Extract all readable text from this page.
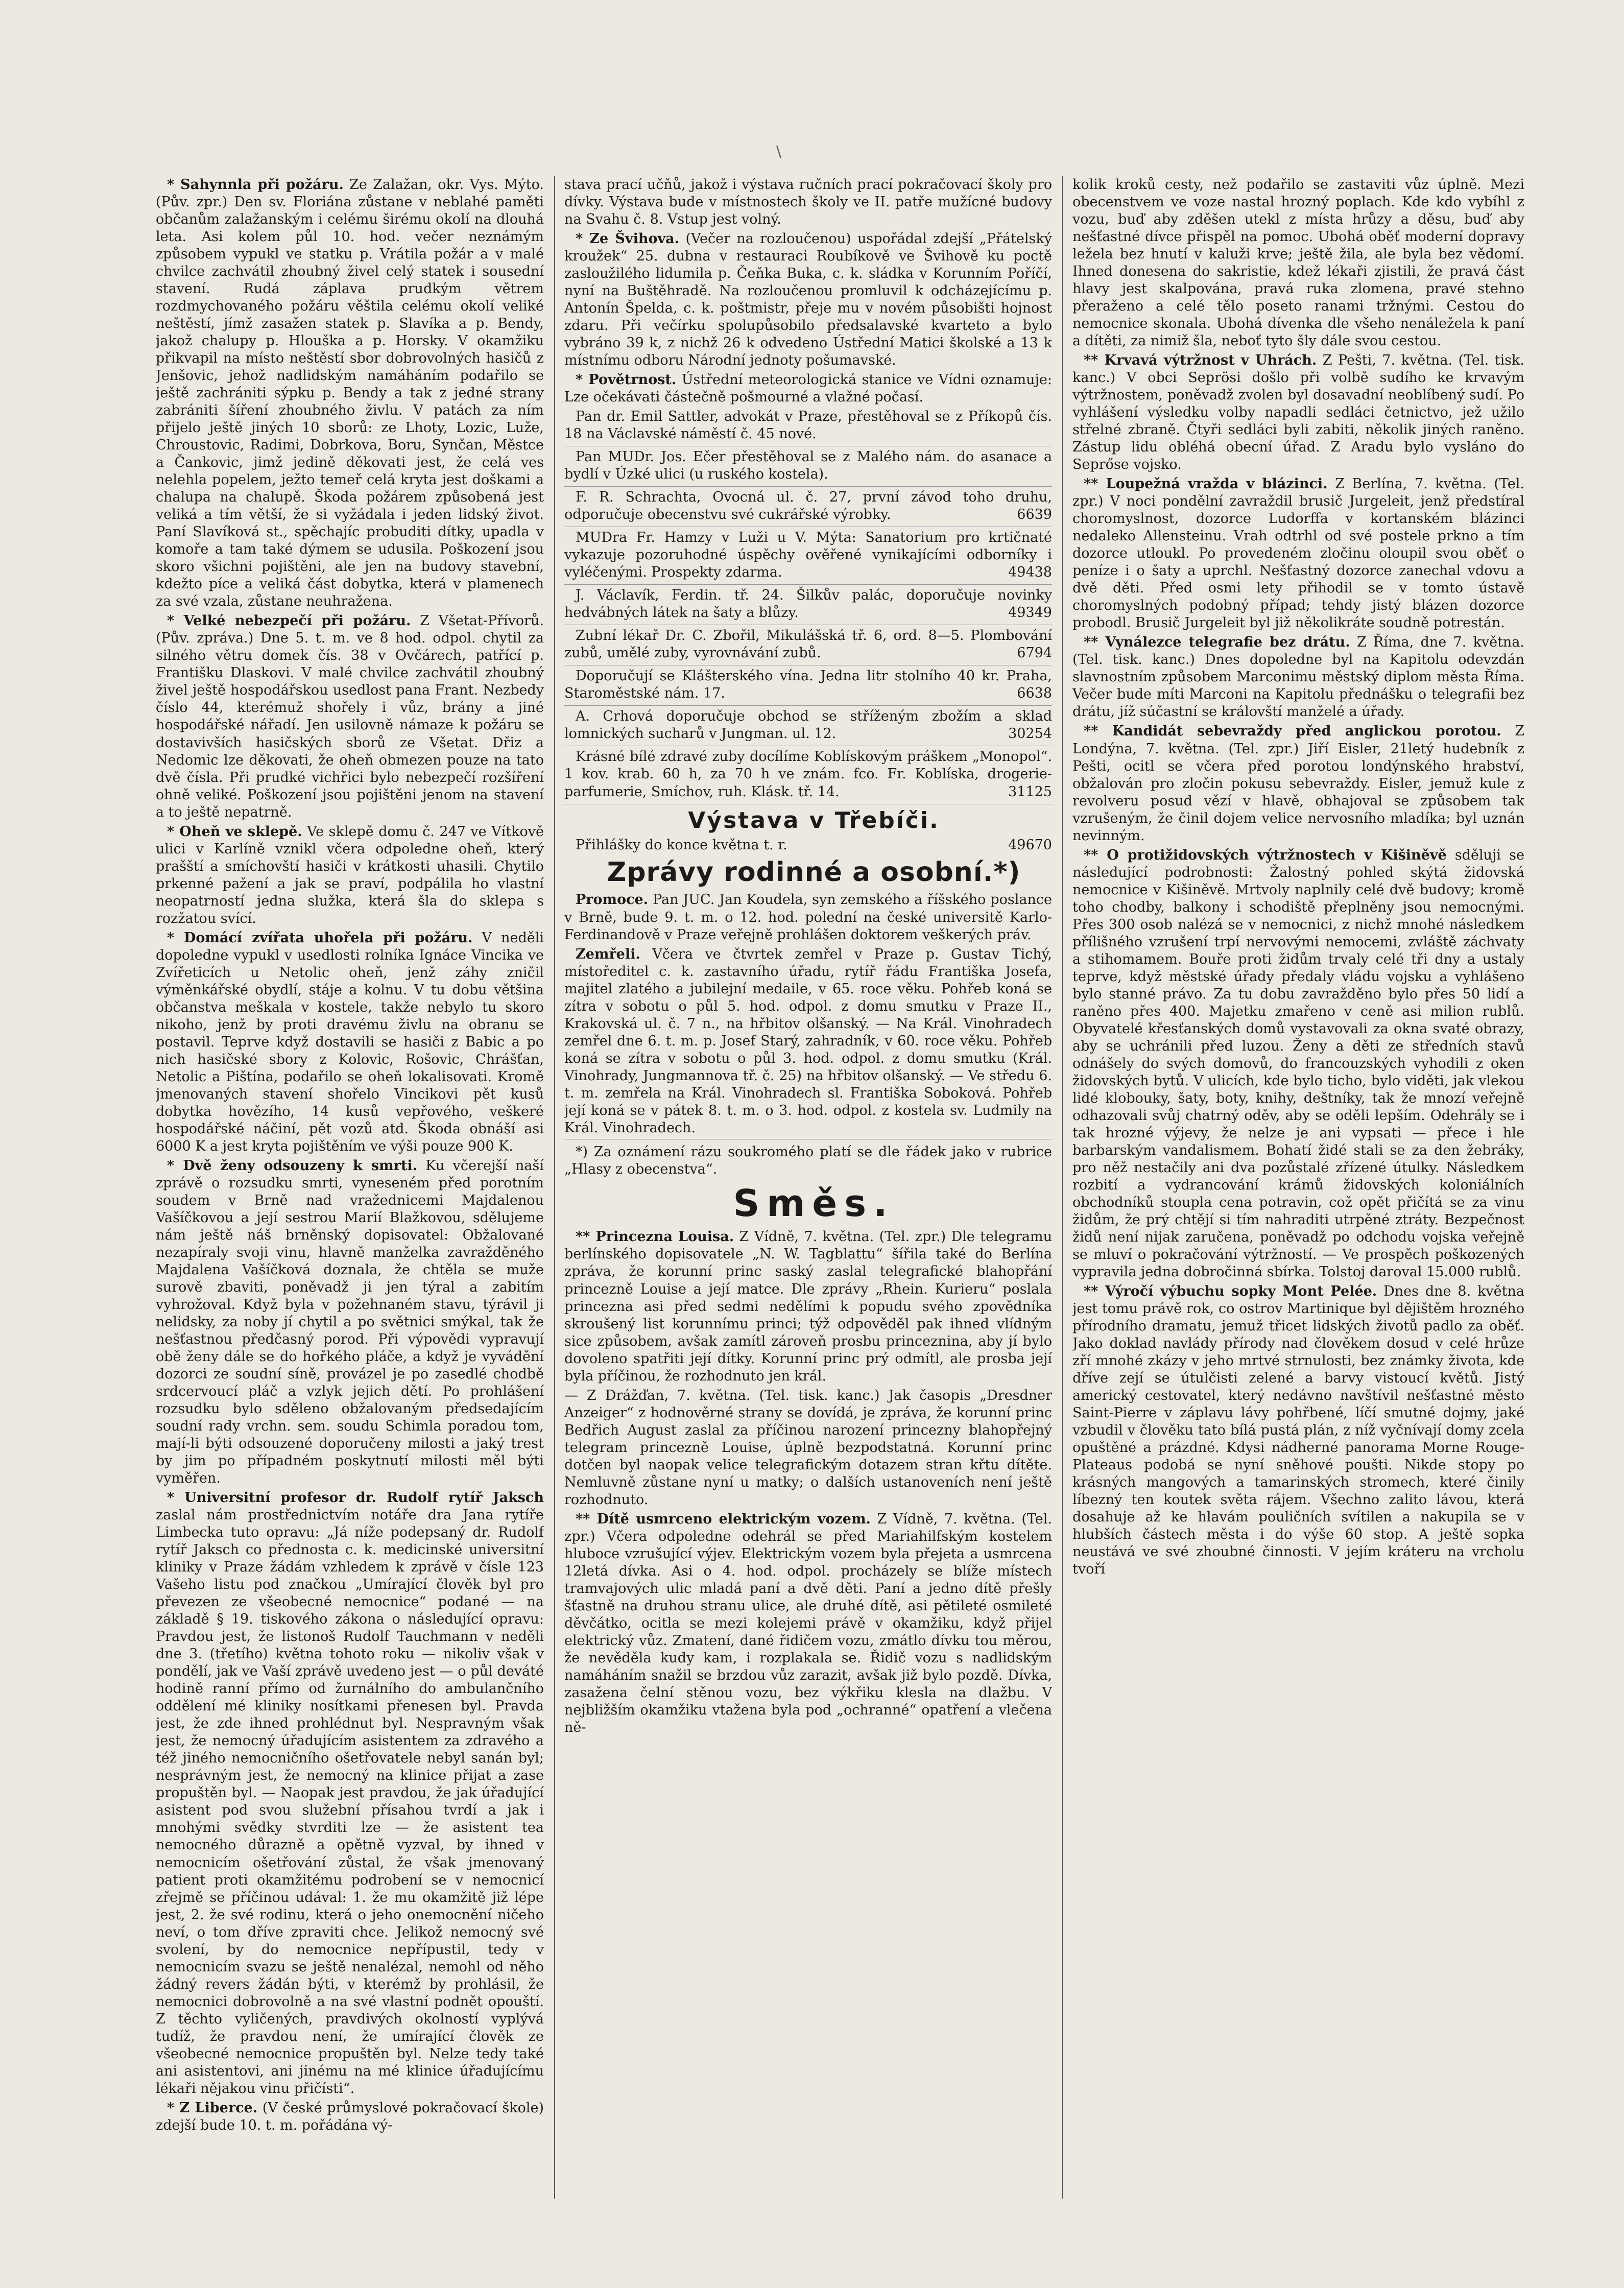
\

* Sahynnla při požáru. Ze Zalažan, okr. Vys. Mýto. (Pův. zpr.) Den sv. Floriána zůstane v neblahé paměti občanům zalažanským i celému širému okolí na dlouhá leta. Asi kolem půl 10. hod. večer neznámým způsobem vypukl ve statku p. Vrátila požár a v malé chvilce zachvátil zhoubný živel celý statek i sousední stavení. Rudá záplava prudkým větrem rozdmychovaného požáru věštila celému okolí veliké neštěstí, jímž zasažen statek p. Slavíka a p. Bendy, jakož chalupy p. Hlouška a p. Horsky. V okamžiku přikvapil na místo neštěstí sbor dobrovolných hasičů z Jenšovic, jehož nadlidským namáháním podařilo se ještě zachrániti sýpku p. Bendy a tak z jedné strany zabrániti šíření zhoubného živlu. V patách za ním přijelo ještě jiných 10 sborů: ze Lhoty, Lozic, Luže, Chroustovic, Radimi, Dobrkova, Boru, Synčan, Městce a Čankovic, jimž jedině děkovati jest, že celá ves nelehla popelem, ježto temeř celá kryta jest doškami a chalupa na chalupě. Škoda požárem způsobená jest veliká a tím větší, že si vyžádala i jeden lidský život. Paní Slavíková st., spěchajíc probuditi dítky, upadla v komoře a tam také dýmem se udusila. Poškození jsou skoro všichni pojištěni, ale jen na budovy stavební, kdežto píce a veliká část dobytka, která v plamenech za své vzala, zůstane neuhražena.

* Velké nebezpečí při požáru. Z Všetat-Přívorů. (Pův. zpráva.) Dne 5. t. m. ve 8 hod. odpol. chytil za silného větru domek čís. 38 v Ovčárech, patřící p. Františku Dlaskovi. V malé chvilce zachvátil zhoubný živel ještě hospodářskou usedlost pana Frant. Nezbedy číslo 44, kterémuž shořely i vůz, brány a jiné hospodářské nářadí. Jen usilovně námaze k požáru se dostavivších hasičských sborů ze Všetat. Dřiz a Nedomic lze děkovati, že oheň obmezen pouze na tato dvě čísla. Při prudké vichřici bylo nebezpečí rozšíření ohně veliké. Poškození jsou pojištěni jenom na stavení a to ještě nepatrně.

* Oheň ve sklepě. Ve sklepě domu č. 247 ve Vítkově ulici v Karlíně vznikl včera odpoledne oheň, který prašští a smíchovští hasiči v krátkosti uhasili. Chytilo prkenné pažení a jak se praví, podpálila ho vlastní neopatrností jedna služka, která šla do sklepa s rozžatou svící.

* Domácí zvířata uhořela při požáru. V neděli dopoledne vypukl v usedlosti rolníka Ignáce Vincika ve Zvířeticích u Netolic oheň, jenž záhy zničil výměnkářské obydlí, stáje a kolnu. V tu dobu většina občanstva meškala v kostele, takže nebylo tu skoro nikoho, jenž by proti dravému živlu na obranu se postavil. Teprve když dostavili se hasiči z Babic a po nich hasičské sbory z Kolovic, Rošovic, Chrášťan, Netolic a Pištína, podařilo se oheň lokalisovati. Kromě jmenovaných stavení shořelo Vincikovi pět kusů dobytka hovězího, 14 kusů vepřového, veškeré hospodářské náčiní, pět vozů atd. Škoda obnáší asi 6000 K a jest kryta pojištěním ve výši pouze 900 K.

* Dvě ženy odsouzeny k smrti. Ku včerejší naší zprávě o rozsudku smrti, vyneseném před porotním soudem v Brně nad vražednicemi Majdalenou Vašíčkovou a její sestrou Marií Blažkovou, sdělujeme nám ještě náš brněnský dopisovatel: Obžalované nezapíraly svoji vinu, hlavně manželka zavražděného Majdalena Vašíčková doznala, že chtěla se muže surově zbaviti, poněvadž ji jen týral a zabitím vyhrožoval. Když byla v požehnaném stavu, týrávil ji nelidsky, za noby jí chytil a po světnici smýkal, tak že nešťastnou předčasný porod. Při výpovědi vypravují obě ženy dále se do hořkého pláče, a když je vyvádění dozorci ze soudní síně, provázel je po zasedlé chodbě srdcervoucí pláč a vzlyk jejich dětí. Po prohlášení rozsudku bylo sděleno obžalovaným předsedajícím soudní rady vrchn. sem. soudu Schimla poradou tom, mají-li býti odsouzené doporučeny milosti a jaký trest by jim po případném poskytnutí milosti měl býti vyměřen.

* Universitní profesor dr. Rudolf rytíř Jaksch zaslal nám prostřednictvím notáře dra Jana rytíře Limbecka tuto opravu: „Já níže podepsaný dr. Rudolf rytíř Jaksch co přednosta c. k. medicinské universitní kliniky v Praze žádám vzhledem k zprávě v čísle 123 Vašeho listu pod značkou „Umírající člověk byl pro převezen ze všeobecné nemocnice“ podané — na základě § 19. tiskového zákona o následující opravu: Pravdou jest, že listonoš Rudolf Tauchmann v neděli dne 3. (třetího) května tohoto roku — nikoliv však v pondělí, jak ve Vaší zprávě uvedeno jest — o půl deváté hodině ranní přímo od žurnálního do ambulančního oddělení mé kliniky nosítkami přenesen byl. Pravda jest, že zde ihned prohlédnut byl. Nespravným však jest, že nemocný úřadujícím asistentem za zdravého a též jiného nemocničního ošetřovatele nebyl sanán byl; nesprávným jest, že nemocný na klinice přijat a zase propuštěn byl. — Naopak jest pravdou, že jak úřadující asistent pod svou služební přísahou tvrdí a jak i mnohými svědky stvrditi lze — že asistent tea nemocného důrazně a opětně vyzval, by ihned v nemocnicím ošetřování zůstal, že však jmenovaný patient proti okamžitému podrobení se v nemocnicí zřejmě se příčinou udával: 1. že mu okamžitě již lépe jest, 2. že své rodinu, která o jeho onemocnění ničeho neví, o tom dříve zpraviti chce. Jelikož nemocný své svolení, by do nemocnice nepřípustil, tedy v nemocnicím svazu se ještě nenalézal, nemohl od něho žádný revers žádán býti, v kterémž by prohlásil, že nemocnici dobrovolně a na své vlastní podnět opouští. Z těchto vyličených, pravdivých okolností vyplývá tudíž, že pravdou není, že umírající člověk ze všeobecné nemocnice propuštěn byl. Nelze tedy také ani asistentovi, ani jinému na mé klinice úřadujícímu lékaři nějakou vinu přičísti“.

* Z Liberce. (V české průmyslové pokračovací škole) zdejší bude 10. t. m. pořádána vý-

stava prací učňů, jakož i výstava ručních prací pokračovací školy pro dívky. Výstava bude v místnostech školy ve II. patře mužícné budovy na Svahu č. 8. Vstup jest volný.

* Ze Švihova. (Večer na rozloučenou) uspořádal zdejší „Přátelský kroužek“ 25. dubna v restauraci Roubíkově ve Švihově ku poctě zasloužilého lidumila p. Čeňka Buka, c. k. sládka v Korunním Poříčí, nyní na Buštěhradě. Na rozloučenou promluvil k odcházejícímu p. Antonín Špelda, c. k. poštmistr, přeje mu v novém působišti hojnost zdaru. Při večírku spolupůsobilo předsalavské kvarteto a bylo vybráno 39 k, z nichž 26 k odvedeno Ústřední Matici školské a 13 k místnímu odboru Národní jednoty pošumavské.

* Povětrnost. Ústřední meteorologická stanice ve Vídni oznamuje: Lze očekávati částečně pošmourné a vlažné počasí.

Pan dr. Emil Sattler, advokát v Praze, přestěhoval se z Příkopů čís. 18 na Václavské náměstí č. 45 nové.

Pan MUDr. Jos. Ečer přestěhoval se z Malého nám. do asanace a bydlí v Úzké ulici (u ruského kostela).

F. R. Schrachta, Ovocná ul. č. 27, první závod toho druhu, odporučuje obecenstvu své cukrářské výrobky.	6639

MUDra Fr. Hamzy v Luži u V. Mýta: Sanatorium pro krtičnaté vykazuje pozoruhodné úspěchy ověřené vynikajícími odborníky i vyléčenými. Prospekty zdarma.	49438

J. Václavík, Ferdin. tř. 24. Šilkův palác, doporučuje novinky hedvábných látek na šaty a blůzy.	49349

Zubní lékař Dr. C. Zbořil, Mikulášská tř. 6, ord. 8—5. Plombování zubů, umělé zuby, vyrovnávání zubů.	6794

Doporučují se Klášterského vína. Jedna litr stolního 40 kr. Praha, Staroměstské nám. 17.	6638

A. Crhová doporučuje obchod se stříženým zbožím a sklad lomnických sucharů v Jungman. ul. 12.	30254

Krásné bílé zdravé zuby docílíme Koblískovým práškem „Monopol“. 1 kov. krab. 60 h, za 70 h ve znám. fco. Fr. Koblíska, drogerie-parfumerie, Smíchov, ruh. Klásk. tř. 14.	31125

Výstava v Třebíči.

Přihlášky do konce května t. r.	49670

Zprávy rodinné a osobní.*)

Promoce. Pan JUC. Jan Koudela, syn zemského a říšského poslance v Brně, bude 9. t. m. o 12. hod. polední na české universitě Karlo-Ferdinandově v Praze veřejně prohlášen doktorem veškerých práv.

Zemřeli. Včera ve čtvrtek zemřel v Praze p. Gustav Tichý, místoředitel c. k. zastavního úřadu, rytíř řádu Františka Josefa, majitel zlatého a jubilejní medaile, v 65. roce věku. Pohřeb koná se zítra v sobotu o půl 5. hod. odpol. z domu smutku v Praze II., Krakovská ul. č. 7 n., na hřbitov olšanský. — Na Král. Vinohradech zemřel dne 6. t. m. p. Josef Starý, zahradník, v 60. roce věku. Pohřeb koná se zítra v sobotu o půl 3. hod. odpol. z domu smutku (Král. Vinohrady, Jungmannova tř. č. 25) na hřbitov olšanský. — Ve středu 6. t. m. zemřela na Král. Vinohradech sl. Františka Soboková. Pohřeb její koná se v pátek 8. t. m. o 3. hod. odpol. z kostela sv. Ludmily na Král. Vinohradech.

*) Za oznámení rázu soukromého platí se dle řádek jako v rubrice „Hlasy z obecenstva“.

Směs.

** Princezna Louisa. Z Vídně, 7. května. (Tel. zpr.) Dle telegramu berlínského dopisovatele „N. W. Tagblattu“ šířila také do Berlína zpráva, že korunní princ saský zaslal telegrafické blahopřání princezně Louise a její matce. Dle zprávy „Rhein. Kurieru“ poslala princezna asi před sedmi nedělími k popudu svého zpovědníka skroušený list korunnímu princi; týž odpověděl pak ihned vlídným sice způsobem, avšak zamítl zároveň prosbu princeznina, aby jí bylo dovoleno spatřiti její dítky. Korunní princ prý odmítl, ale prosba její byla příčinou, že rozhodnuto jen král.

— Z Drážďan, 7. května. (Tel. tisk. kanc.) Jak časopis „Dresdner Anzeiger“ z hodnověrné strany se dovídá, je zpráva, že korunní princ Bedřich August zaslal za příčinou narození princezny blahopřejný telegram princezně Louise, úplně bezpodstatná. Korunní princ dotčen byl naopak velice telegrafickým dotazem stran křtu dítěte. Nemluvně zůstane nyní u matky; o dalších ustanoveních není ještě rozhodnuto.

** Dítě usmrceno elektrickým vozem. Z Vídně, 7. května. (Tel. zpr.) Včera odpoledne odehrál se před Mariahilfským kostelem hluboce vzrušující výjev. Elektrickým vozem byla přejeta a usmrcena 12letá dívka. Asi o 4. hod. odpol. procházely se blíže místech tramvajových ulic mladá paní a dvě děti. Paní a jedno dítě přešly šťastně na druhou stranu ulice, ale druhé dítě, asi pětileté osmileté děvčátko, ocitla se mezi kolejemi právě v okamžiku, když přijel elektrický vůz. Zmatení, dané řidičem vozu, zmátlo dívku tou měrou, že nevěděla kudy kam, i rozplakala se. Řidič vozu s nadlidským namáháním snažil se brzdou vůz zarazit, avšak již bylo pozdě. Dívka, zasažena čelní stěnou vozu, bez výkřiku klesla na dlažbu. V nejbližším okamžiku vtažena byla pod „ochranné“ opatření a vlečena ně-

kolik kroků cesty, než podařilo se zastaviti vůz úplně. Mezi obecenstvem ve voze nastal hrozný poplach. Kde kdo vybíhl z vozu, buď aby zděšen utekl z místa hrůzy a děsu, buď aby nešťastné dívce přispěl na pomoc. Ubohá oběť moderní dopravy ležela bez hnutí v kaluži krve; ještě žila, ale byla bez vědomí. Ihned donesena do sakristie, kdež lékaři zjistili, že pravá část hlavy jest skalpována, pravá ruka zlomena, pravé stehno přeraženo a celé tělo poseto ranami tržnými. Cestou do nemocnice skonala. Ubohá dívenka dle všeho nenáležela k paní a dítěti, za nimiž šla, neboť tyto šly dále svou cestou.

** Krvavá výtržnost v Uhrách. Z Pešti, 7. května. (Tel. tisk. kanc.) V obci Seprösi došlo při volbě sudího ke krvavým výtržnostem, poněvadž zvolen byl dosavadní neoblíbený sudí. Po vyhlášení výsledku volby napadli sedláci četnictvo, jež užilo střelné zbraně. Čtyři sedláci byli zabiti, několik jiných raněno. Zástup lidu obléhá obecní úřad. Z Aradu bylo vysláno do Seprőse vojsko.

** Loupežná vražda v blázinci. Z Berlína, 7. května. (Tel. zpr.) V noci pondělní zavraždil brusič Jurgeleit, jenž předstíral choromyslnost, dozorce Ludorffa v kortanském blázinci nedaleko Allensteinu. Vrah odtrhl od své postele prkno a tím dozorce utloukl. Po provedeném zločinu oloupil svou oběť o peníze i o šaty a uprchl. Nešťastný dozorce zanechal vdovu a dvě děti. Před osmi lety přihodil se v tomto ústavě choromyslných podobný případ; tehdy jistý blázen dozorce probodl. Brusič Jurgeleit byl již několikráte soudně potrestán.

** Vynálezce telegrafie bez drátu. Z Říma, dne 7. května. (Tel. tisk. kanc.) Dnes dopoledne byl na Kapitolu odevzdán slavnostním způsobem Marconimu městský diplom města Říma. Večer bude míti Marconi na Kapitolu přednášku o telegrafii bez drátu, jíž súčastní se královští manželé a úřady.

** Kandidát sebevraždy před anglickou porotou. Z Londýna, 7. května. (Tel. zpr.) Jiří Eisler, 21letý hudebník z Pešti, ocitl se včera před porotou londýnského hrabství, obžalován pro zločin pokusu sebevraždy. Eisler, jemuž kule z revolveru posud vězí v hlavě, obhajoval se způsobem tak vzrušeným, že činil dojem velice nervosního mladíka; byl uznán nevinným.

** O protižidovských výtržnostech v Kišiněvě sděluji se následující podrobnosti: Žalostný pohled skýtá židovská nemocnice v Kišiněvě. Mrtvoly naplnily celé dvě budovy; kromě toho chodby, balkony i schodiště přeplněny jsou nemocnými. Přes 300 osob nalézá se v nemocnici, z nichž mnohé následkem přílišného vzrušení trpí nervovými nemocemi, zvláště záchvaty a stihomamem. Bouře proti židům trvaly celé tři dny a ustaly teprve, když městské úřady předaly vládu vojsku a vyhlášeno bylo stanné právo. Za tu dobu zavražděno bylo přes 50 lidí a raněno přes 400. Majetku zmařeno v ceně asi milion rublů. Obyvatelé křesťanských domů vystavovali za okna svaté obrazy, aby se uchránili před luzou. Ženy a děti ze středních stavů odnášely do svých domovů, do francouzských vyhodili z oken židovských bytů. V ulicích, kde bylo ticho, bylo viděti, jak vlekou lidé klobouky, šaty, boty, knihy, deštníky, tak že mnozí veřejně odhazovali svůj chatrný oděv, aby se oděli lepším. Odehrály se i tak hrozné výjevy, že nelze je ani vypsati — přece i hle barbarským vandalismem. Bohatí židé stali se za den žebráky, pro něž nestačily ani dva pozůstalé zřízené útulky. Následkem rozbití a vydrancování krámů židovských koloniálních obchodníků stoupla cena potravin, což opět přičítá se za vinu židům, že prý chtějí si tím nahraditi utrpěné ztráty. Bezpečnost židů není nijak zaručena, poněvadž po odchodu vojska veřejně se mluví o pokračování výtržností. — Ve prospěch poškozených vypravila jedna dobročinná sbírka. Tolstoj daroval 15.000 rublů.

** Výročí výbuchu sopky Mont Pelée. Dnes dne 8. května jest tomu právě rok, co ostrov Martinique byl dějištěm hrozného přírodního dramatu, jemuž třicet lidských životů padlo za oběť. Jako doklad navlády přírody nad člověkem dosud v celé hrůze zří mnohé zkázy v jeho mrtvé strnulosti, bez známky života, kde dříve zejí se útulčisti zelené a barvy vistoucí květů. Jistý americký cestovatel, který nedávno navštívil nešťastné město Saint-Pierre v záplavu lávy pohřbené, líčí smutné dojmy, jaké vzbudil v člověku tato bílá pustá plán, z níž vyčnívají domy zcela opuštěné a prázdné. Kdysi nádherné panorama Morne Rouge-Plateaus podobá se nyní sněhové poušti. Nikde stopy po krásných mangových a tamarinských stromech, které činily líbezný ten koutek světa rájem. Všechno zalito lávou, která dosahuje až ke hlavám pouličních svítilen a nakupila se v hlubších částech města i do výše 60 stop. A ještě sopka neustává ve své zhoubné činnosti. V jejím kráteru na vrcholu tvoří
